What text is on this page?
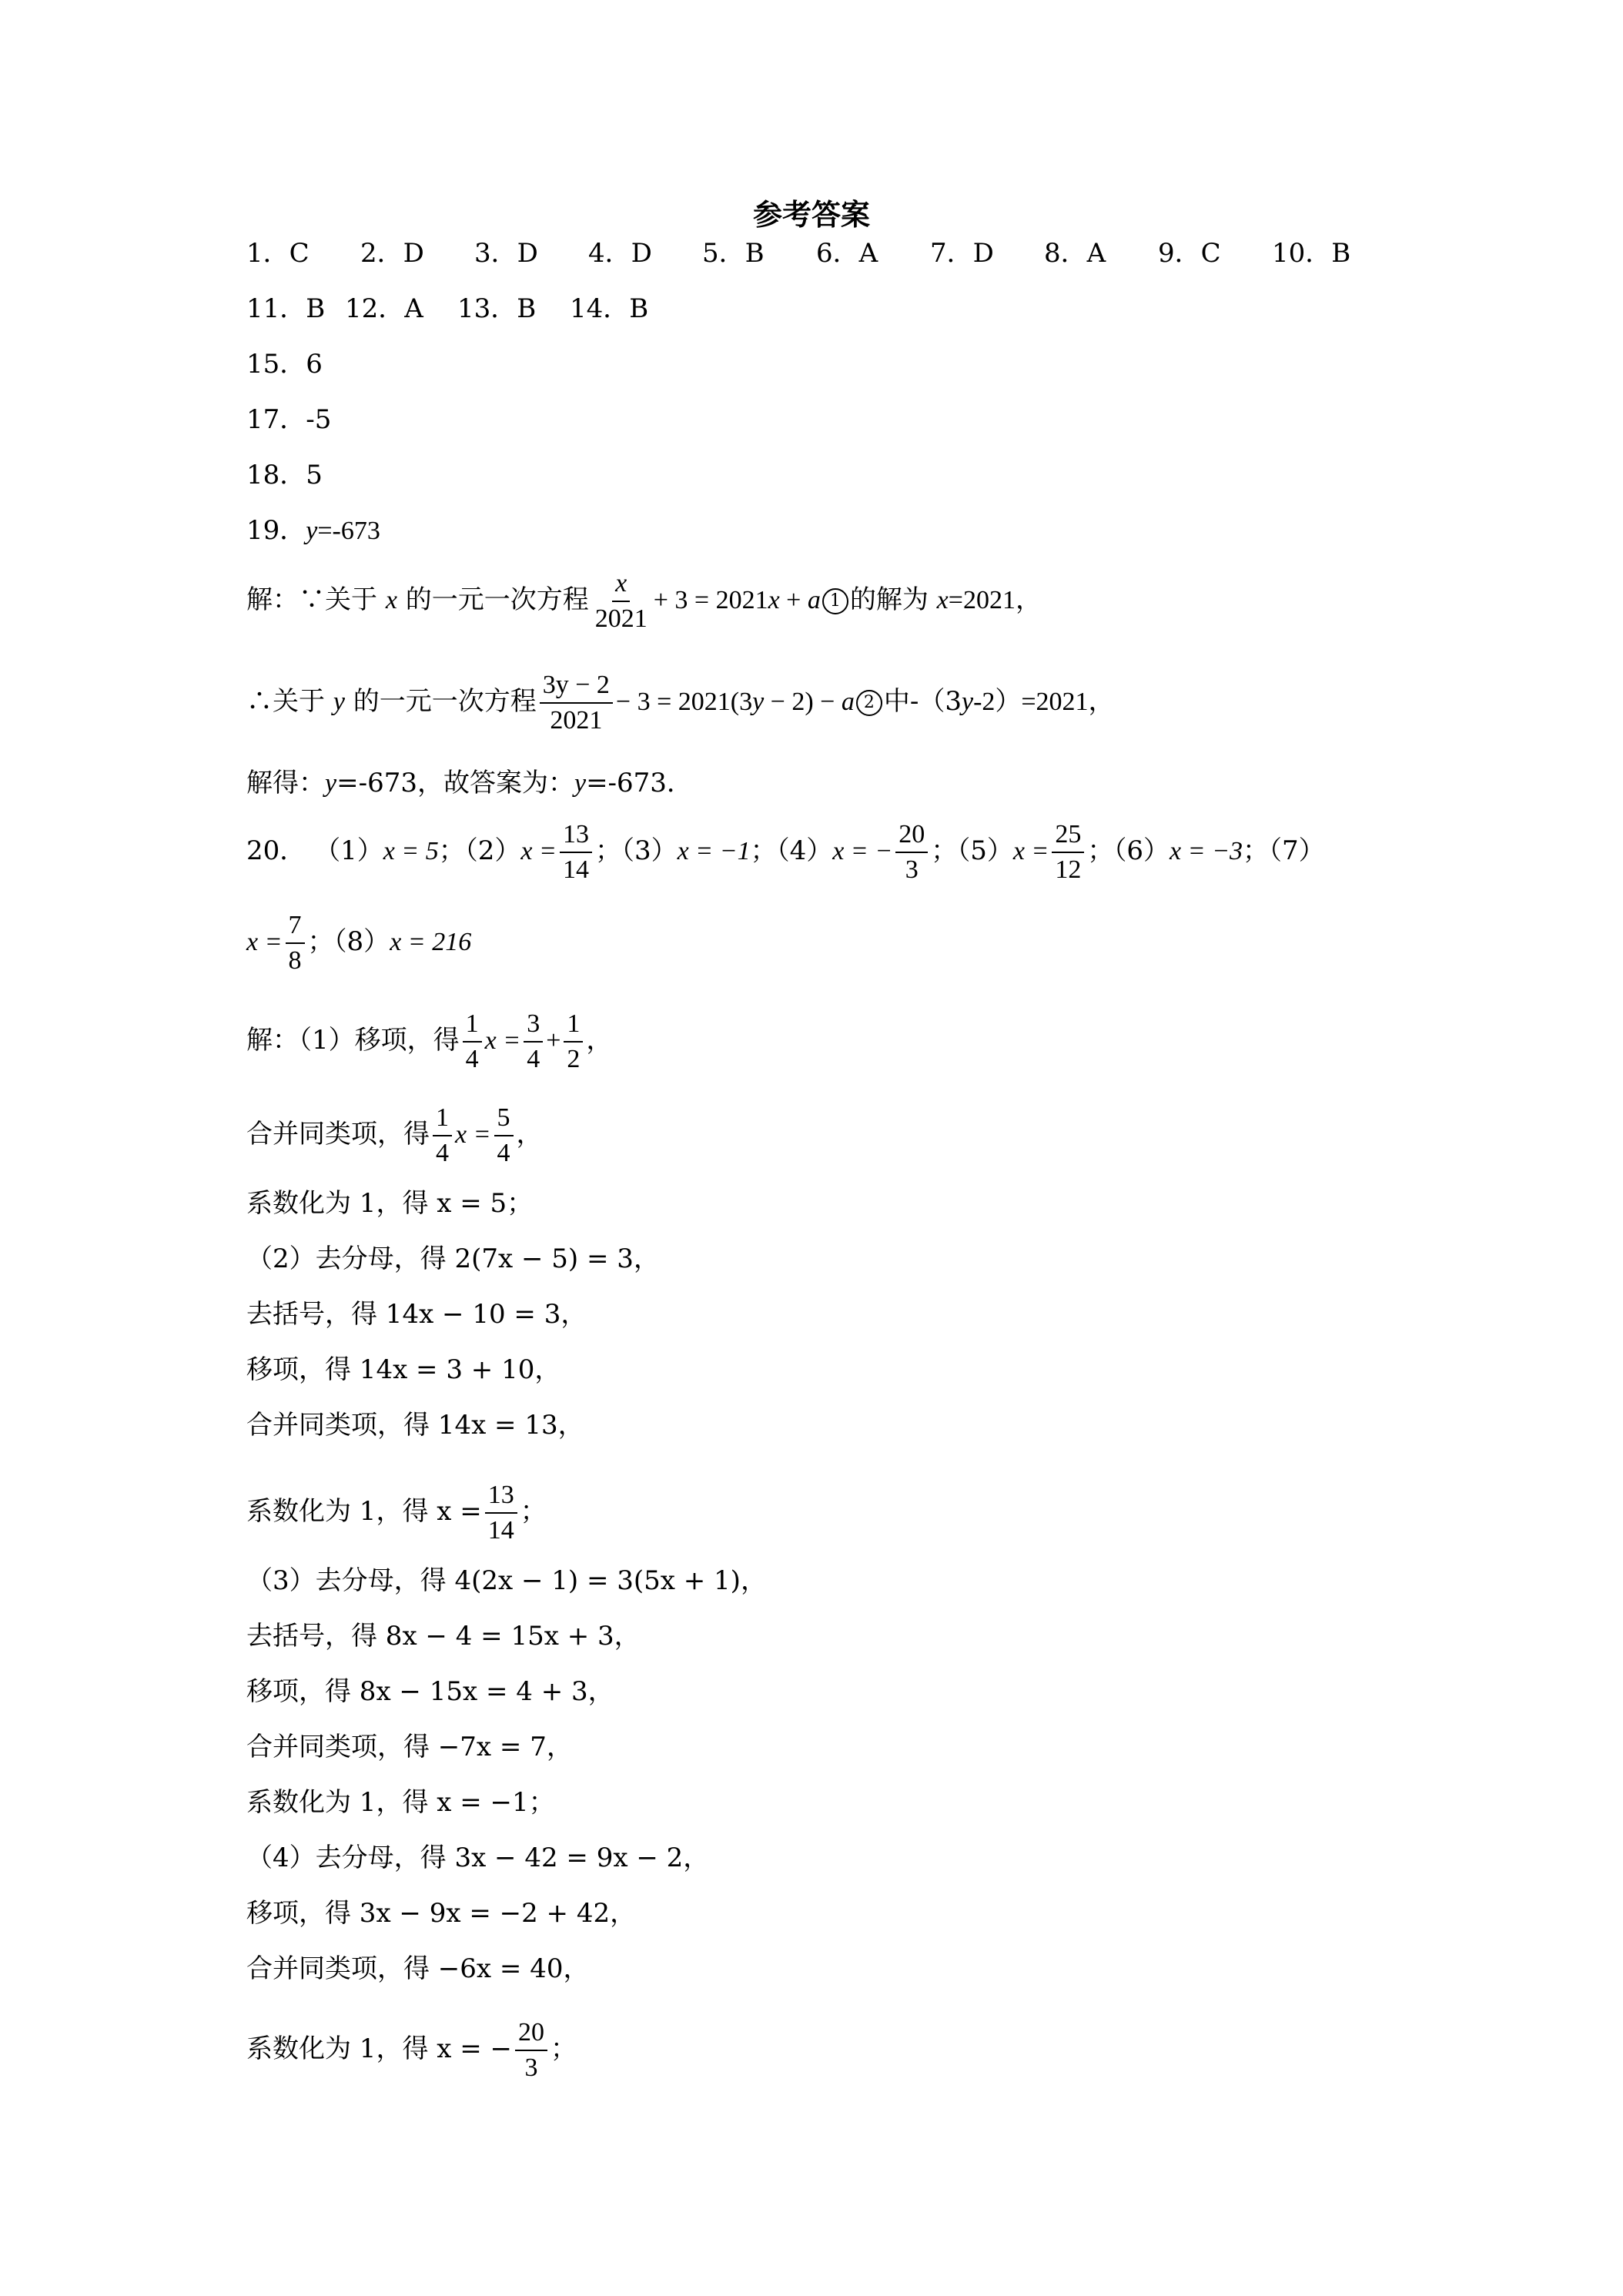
参考答案
1．C 2．D 3．D 4．D 5．B 6．A 7．D 8．A 9．C 10．B
11．B 12．A 13．B 14．B
15．6
17．-5
18．5
19．y=-673
解：∵关于 x 的一元一次方程 $\frac{x}{2021} + 3 = 2021x + a$ 1 的解为 x=2021，
∴关于 y 的一元一次方程 $\frac{3y - 2}{2021} - 3 = 2021(3y - 2) - a$ 2 中-（3y-2）=2021，
解得：y=-673，故答案为：y=-673．
20． （1）x = 5；$(2)x = \frac{13}{14}$ ；（3）x = −1；（4）x = − $\frac{20}{3}$ ；$(5)x = \frac{25}{12}$ ；（6）x = −3；（7）
$x = \frac{7}{8}$ ；（8）x = 216
解：（1）移项，得 $\frac{1}{4}$ $x = \frac{3}{4} + \frac{1}{2}$ ，
合并同类项，得 $\frac{1}{4}$ $x = \frac{5}{4}$ ，
系数化为 1，得 x = 5；
（2）去分母，得 2(7x − 5) = 3，
去括号，得 14x − 10 = 3，
移项，得 14x = 3 + 10，
合并同类项，得 14x = 13，
系数化为 1，得 $x = \frac{13}{14}$ ；
（3）去分母，得 4(2x − 1) = 3(5x + 1)，
去括号，得 8x − 4 = 15x + 3，
移项，得 8x − 15x = 4 + 3，
合并同类项，得 −7x = 7，
系数化为 1，得 x = −1；
（4）去分母，得 3x − 42 = 9x − 2，
移项，得 3x − 9x = −2 + 42，
合并同类项，得 −6x = 40，
系数化为 1，得 x = − $\frac{20}{3}$ ；
